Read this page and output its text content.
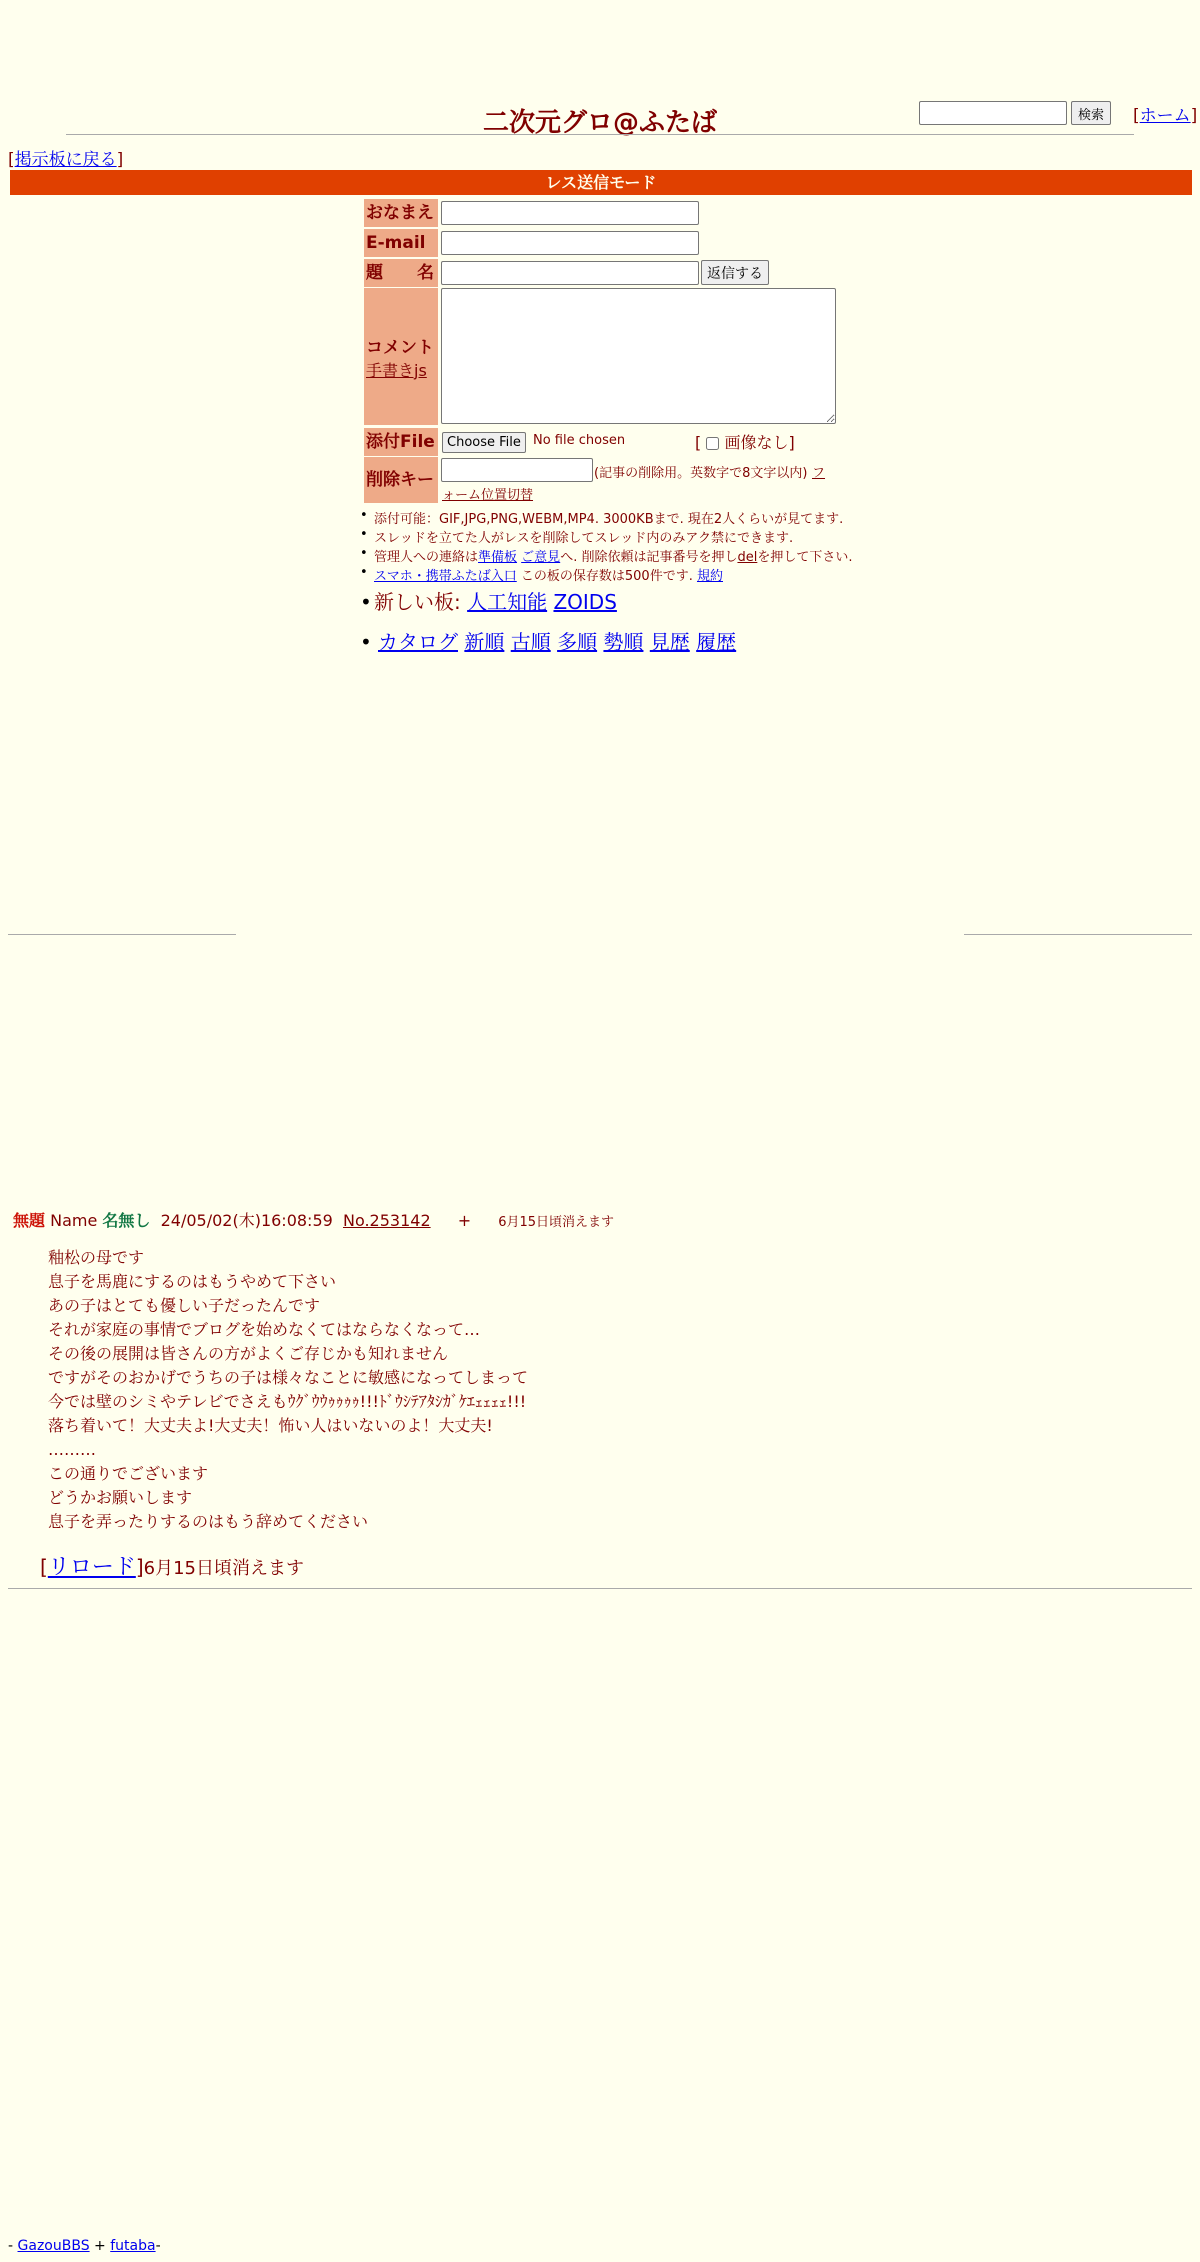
検索	[ホーム]
二次元グロ@ふたば
[掲示板に戻る]
レス送信モード
おなまえ
E-mail
題　　名	返信する
コメント
手書きjs
添付File Choose File No file chosen	[ 画像なし]
削除キー	(記事の削除用。英数字で8文字以内) フ
ォーム位置切替
• 添付可能：GIF,JPG,PNG,WEBM,MP4. 3000KBまで. 現在2人くらいが見てます.
• スレッドを立てた人がレスを削除してスレッド内のみアク禁にできます.
• 管理人への連絡は準備板 ご意見へ. 削除依頼は記事番号を押しdelを押して下さい.
• スマホ・携帯ふたば入口 この板の保存数は500件です. 規約
• 新しい板: 人工知能 ZOIDS
• カタログ 新順 古順 多順 勢順 見歴 履歴
無題 Name 名無し 24/05/02(木)16:08:59 No.253142 + 6月15日頃消えます
釉松の母です
息子を馬鹿にするのはもうやめて下さい
あの子はとても優しい子だったんです
それが家庭の事情でブログを始めなくてはならなくなって…
その後の展開は皆さんの方がよくご存じかも知れません
ですがそのおかげでうちの子は様々なことに敏感になってしまって
今では壁のシミやテレビでさえもｳｸﾞｳｳｩｩｩｩ!!!ﾄﾞｳｼﾃｱﾀｼｶﾞｹｴｪｪｪｪ!!!
落ち着いて！大丈夫よ!大丈夫！怖い人はいないのよ！大丈夫!
………
この通りでございます
どうかお願いします
息子を弄ったりするのはもう辞めてください
[リロード]6月15日頃消えます
- GazouBBS + futaba-
